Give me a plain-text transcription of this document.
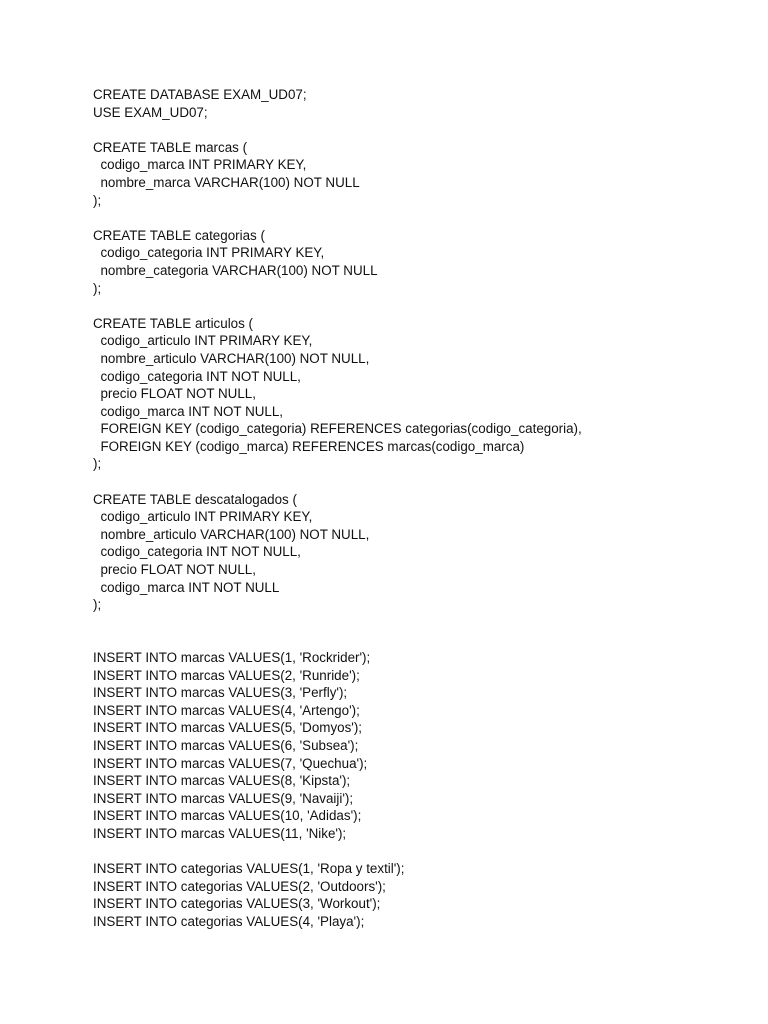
CREATE DATABASE EXAM_UD07;
USE EXAM_UD07;
CREATE TABLE marcas (
codigo_marca INT PRIMARY KEY,
nombre_marca VARCHAR(100) NOT NULL
);
CREATE TABLE categorias (
codigo_categoria INT PRIMARY KEY,
nombre_categoria VARCHAR(100) NOT NULL
);
CREATE TABLE articulos (
codigo_articulo INT PRIMARY KEY,
nombre_articulo VARCHAR(100) NOT NULL,
codigo_categoria INT NOT NULL,
precio FLOAT NOT NULL,
codigo_marca INT NOT NULL,
FOREIGN KEY (codigo_categoria) REFERENCES categorias(codigo_categoria),
FOREIGN KEY (codigo_marca) REFERENCES marcas(codigo_marca)
);
CREATE TABLE descatalogados (
codigo_articulo INT PRIMARY KEY,
nombre_articulo VARCHAR(100) NOT NULL,
codigo_categoria INT NOT NULL,
precio FLOAT NOT NULL,
codigo_marca INT NOT NULL
);
INSERT INTO marcas VALUES(1, 'Rockrider');
INSERT INTO marcas VALUES(2, 'Runride');
INSERT INTO marcas VALUES(3, 'Perfly');
INSERT INTO marcas VALUES(4, 'Artengo');
INSERT INTO marcas VALUES(5, 'Domyos');
INSERT INTO marcas VALUES(6, 'Subsea');
INSERT INTO marcas VALUES(7, 'Quechua');
INSERT INTO marcas VALUES(8, 'Kipsta');
INSERT INTO marcas VALUES(9, 'Navaiji');
INSERT INTO marcas VALUES(10, 'Adidas');
INSERT INTO marcas VALUES(11, 'Nike');
INSERT INTO categorias VALUES(1, 'Ropa y textil');
INSERT INTO categorias VALUES(2, 'Outdoors');
INSERT INTO categorias VALUES(3, 'Workout');
INSERT INTO categorias VALUES(4, 'Playa');
